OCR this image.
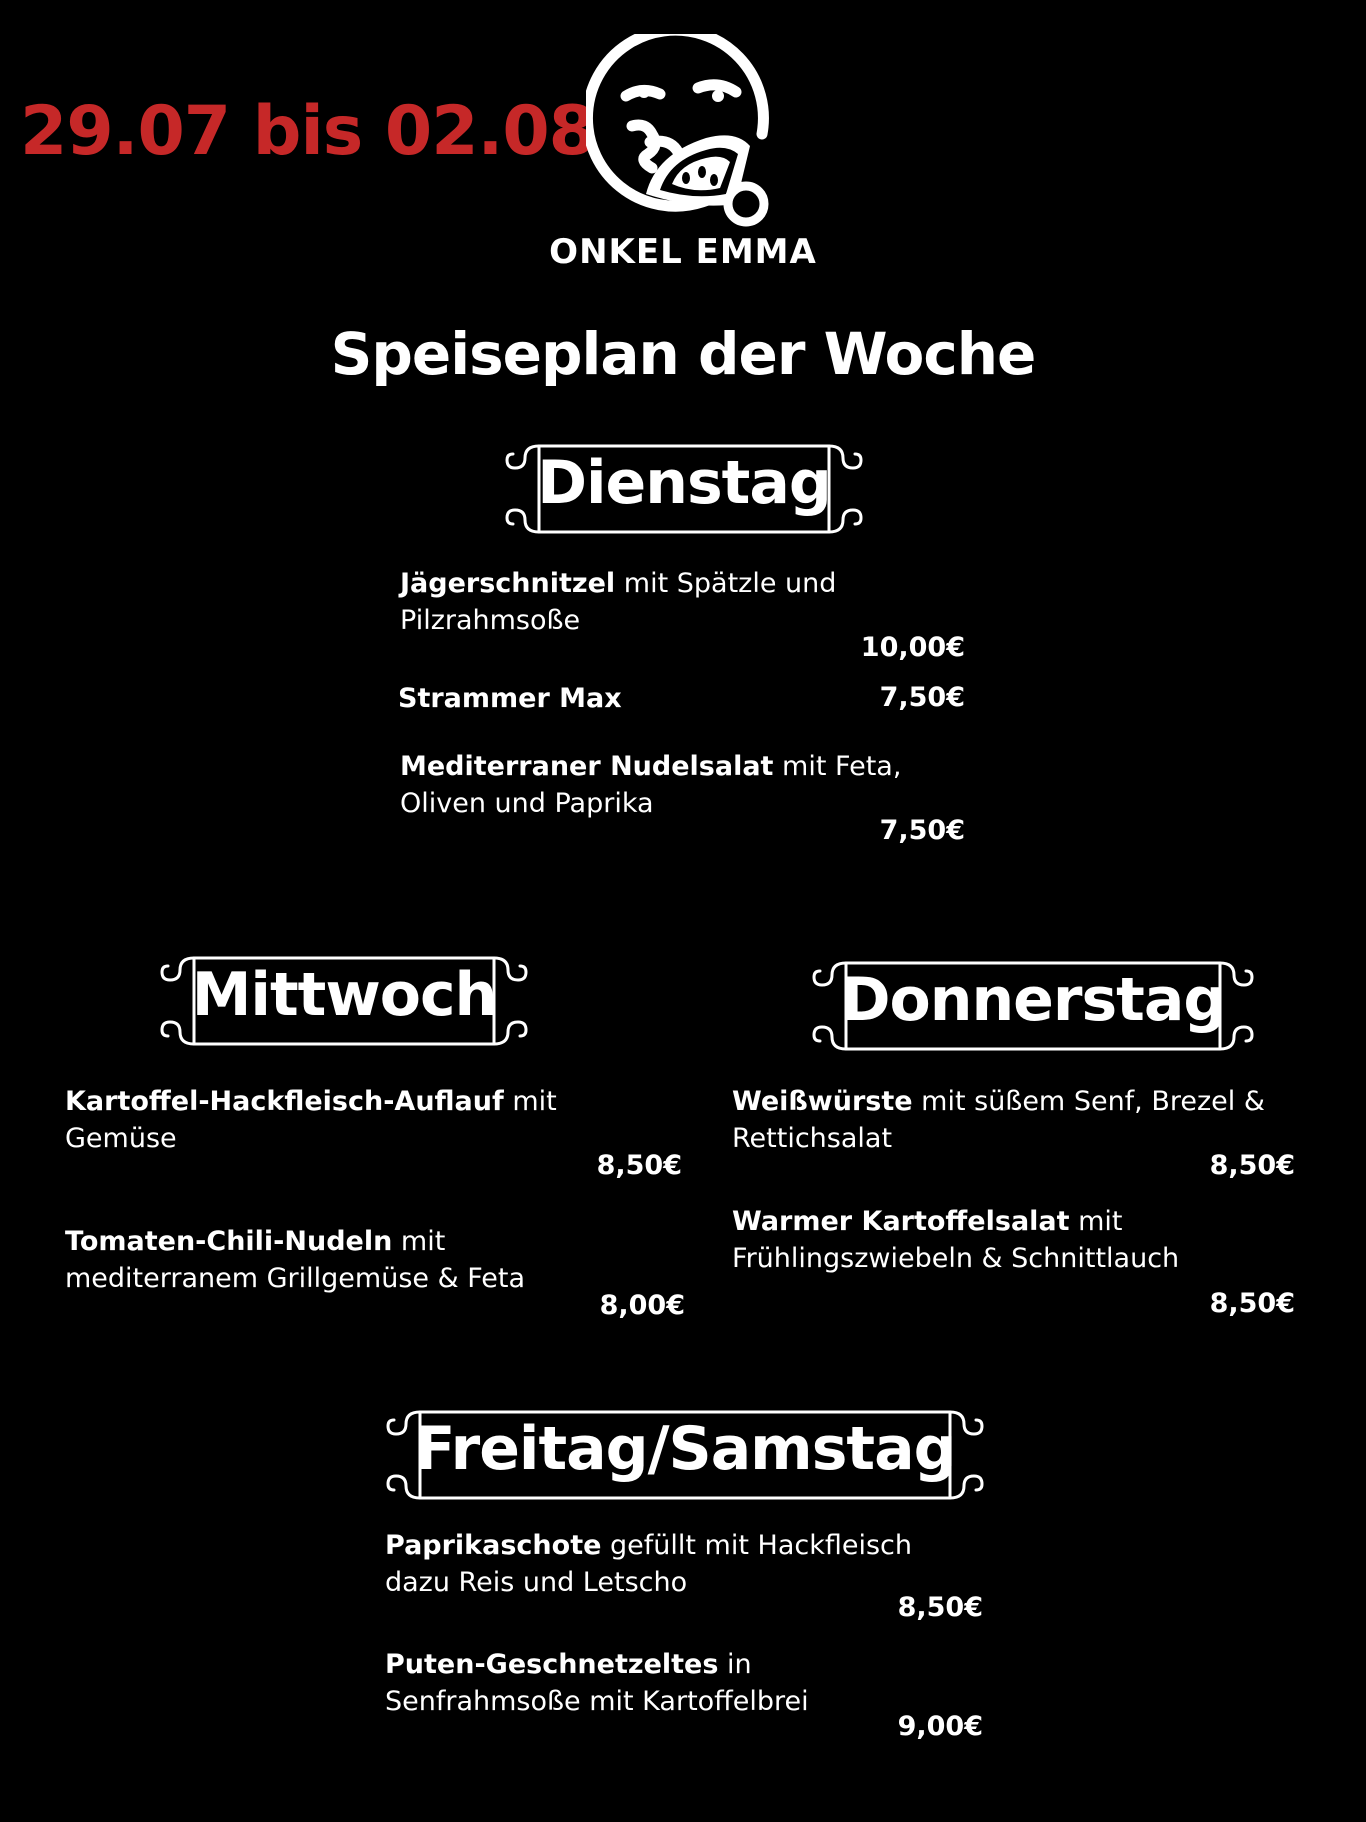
29.07 bis 02.08
ONKEL EMMA
Speiseplan der Woche
Dienstag
Jägerschnitzel mit Spätzle und Pilzrahmsoße
10,00€
Strammer Max	7,50€
Mediterraner Nudelsalat mit Feta, Oliven und Paprika
7,50€
Mittwoch
Kartoffel-Hackfleisch-Auflauf mit Gemüse
8,50€
Tomaten-Chili-Nudeln mit mediterranem Grillgemüse & Feta
8,00€
Donnerstag
Weißwürste mit süßem Senf, Brezel & Rettichsalat
8,50€
Warmer Kartoffelsalat mit Frühlingszwiebeln & Schnittlauch
8,50€
Freitag/Samstag
Paprikaschote gefüllt mit Hackfleisch dazu Reis und Letscho
8,50€
Puten-Geschnetzeltes in Senfrahmsoße mit Kartoffelbrei
9,00€
